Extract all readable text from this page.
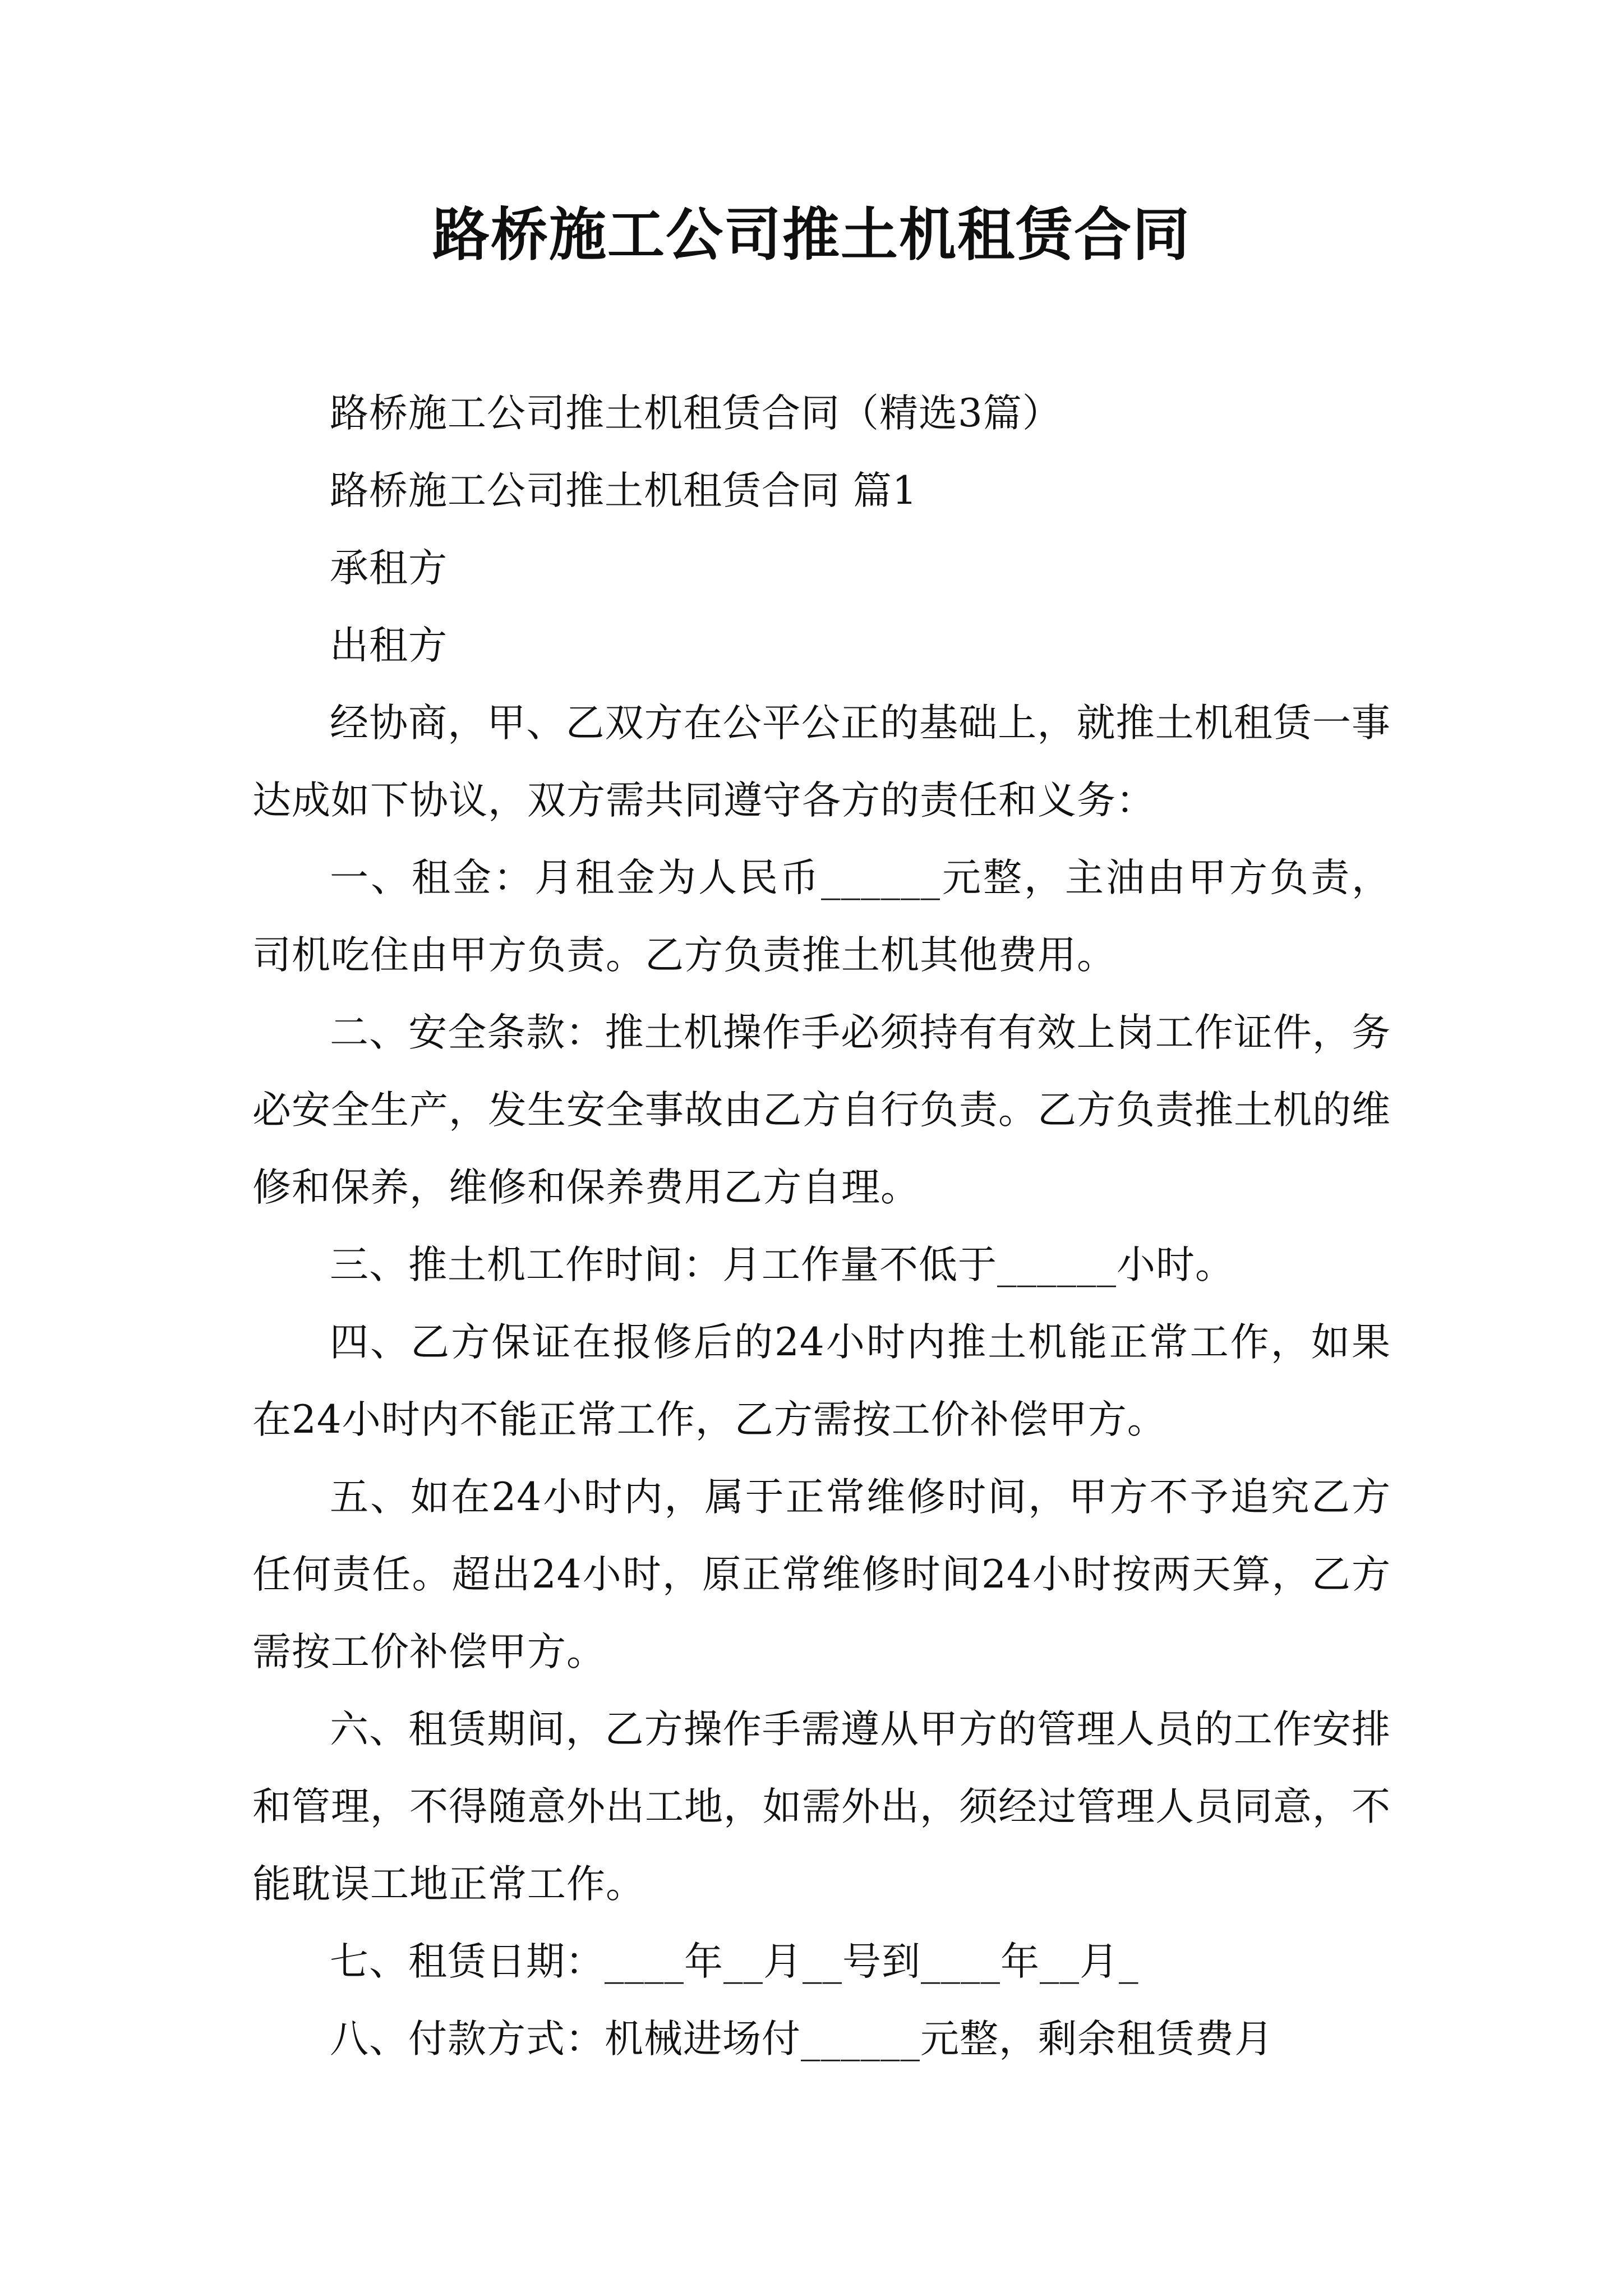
路桥施工公司推土机租赁合同

路桥施工公司推土机租赁合同（精选3篇）

路桥施工公司推土机租赁合同 篇1

承租方

出租方

经协商，甲、乙双方在公平公正的基础上，就推土机租赁一事达成如下协议，双方需共同遵守各方的责任和义务：

一、租金：月租金为人民币______元整，主油由甲方负责，司机吃住由甲方负责。乙方负责推土机其他费用。

二、安全条款：推土机操作手必须持有有效上岗工作证件，务必安全生产，发生安全事故由乙方自行负责。乙方负责推土机的维修和保养，维修和保养费用乙方自理。

三、推土机工作时间：月工作量不低于______小时。

四、乙方保证在报修后的24小时内推土机能正常工作，如果在24小时内不能正常工作，乙方需按工价补偿甲方。

五、如在24小时内，属于正常维修时间，甲方不予追究乙方任何责任。超出24小时，原正常维修时间24小时按两天算，乙方需按工价补偿甲方。

六、租赁期间，乙方操作手需遵从甲方的管理人员的工作安排和管理，不得随意外出工地，如需外出，须经过管理人员同意，不能耽误工地正常工作。

七、租赁日期：____年__月__号到____年__月_

八、付款方式：机械进场付______元整，剩余租赁费月
